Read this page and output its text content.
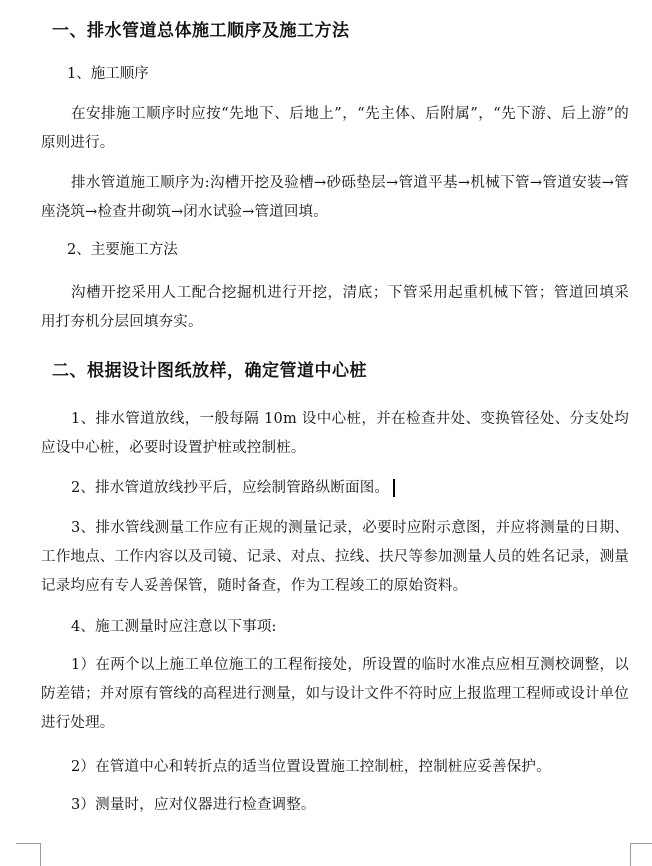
一、排水管道总体施工顺序及施工方法
1、施工顺序

在安排施工顺序时应按“先地下、后地上”，“先主体、后附属”，“先下游、后上游”的原则进行。

排水管道施工顺序为:沟槽开挖及验槽→砂砾垫层→管道平基→机械下管→管道安装→管座浇筑→检查井砌筑→闭水试验→管道回填。

2、主要施工方法

沟槽开挖采用人工配合挖掘机进行开挖，清底；下管采用起重机械下管；管道回填采用打夯机分层回填夯实。

二、根据设计图纸放样，确定管道中心桩

1、排水管道放线，一般每隔 10m 设中心桩，并在检查井处、变换管径处、分支处均应设中心桩，必要时设置护桩或控制桩。

2、排水管道放线抄平后，应绘制管路纵断面图。

3、排水管线测量工作应有正规的测量记录，必要时应附示意图，并应将测量的日期、工作地点、工作内容以及司镜、记录、对点、拉线、扶尺等参加测量人员的姓名记录，测量记录均应有专人妥善保管，随时备查，作为工程竣工的原始资料。

4、施工测量时应注意以下事项:

1）在两个以上施工单位施工的工程衔接处，所设置的临时水准点应相互测校调整，以防差错；并对原有管线的高程进行测量，如与设计文件不符时应上报监理工程师或设计单位进行处理。

2）在管道中心和转折点的适当位置设置施工控制桩，控制桩应妥善保护。

3）测量时，应对仪器进行检查调整。
